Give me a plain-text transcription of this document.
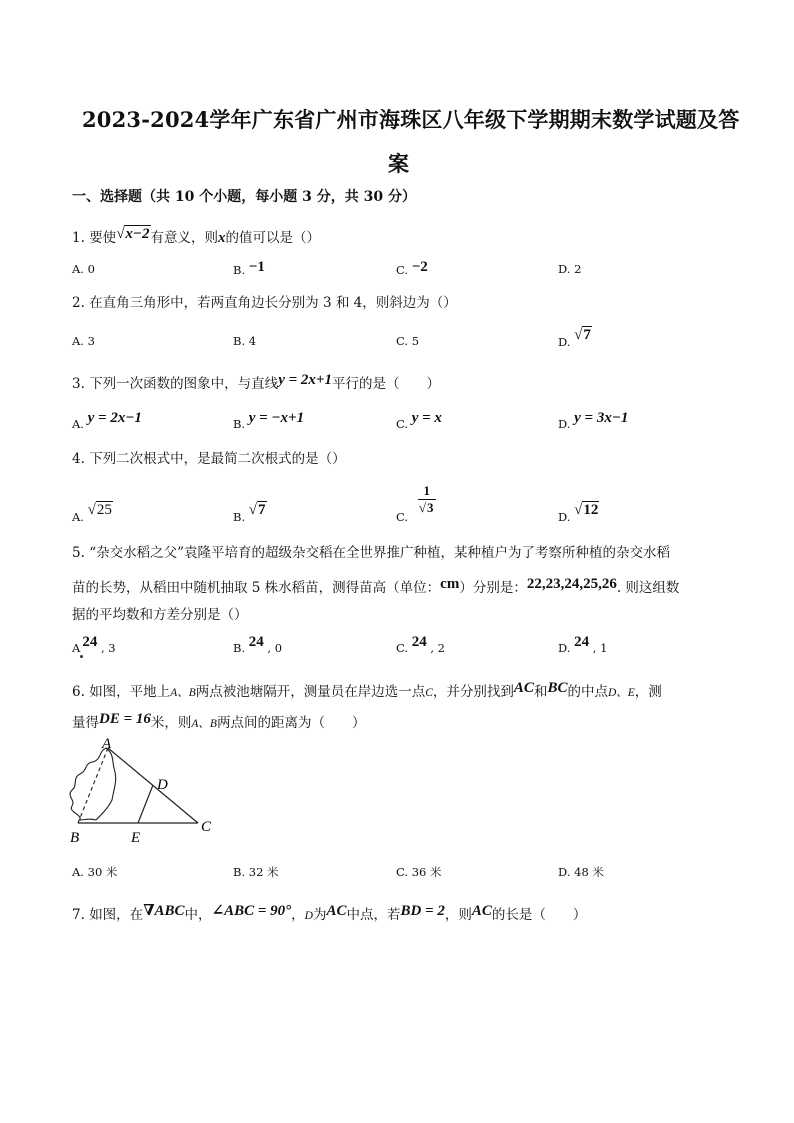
2023-2024学年广东省广州市海珠区八年级下学期期末数学试题及答
案
一、选择题（共 10 个小题，每小题 3 分，共 30 分）
1. 要使√x−2有意义，则x的值可以是（）
A. 0	B. −1	C. −2	D. 2
2. 在直角三角形中，若两直角边长分别为 3 和 4，则斜边为（）
A. 3	B. 4	C. 5	D. √7
3. 下列一次函数的图象中，与直线y = 2x+1平行的是（　　）
A. y = 2x−1	B. y = −x+1	C. y = x	D. y = 3x−1
4. 下列二次根式中，是最简二次根式的是（）
A. √25	B. √7	C.
$\frac{1}{√3}$
D. √12
5. “杂交水稻之父”袁隆平培育的超级杂交稻在全世界推广种植，某种植户为了考察所种植的杂交水稻
苗的长势，从稻田中随机抽取 5 株水稻苗，测得苗高（单位：cm）分别是：22,23,24,25,26. 则这组数
据的平均数和方差分别是（）
A 24 , 3	B. 24 , 0	C. 24 , 2	D. 24 , 1
6. 如图，平地上A、B两点被池塘隔开，测量员在岸边选一点C，并分别找到AC和BC的中点D、E，测
量得DE = 16米，则A、B两点间的距离为（　　）
A
B
C
D
E
A. 30 米	B. 32 米	C. 36 米	D. 48 米
7. 如图，在∇ABC中，∠ABC = 90°，D为AC中点，若BD = 2，则AC的长是（　　）
